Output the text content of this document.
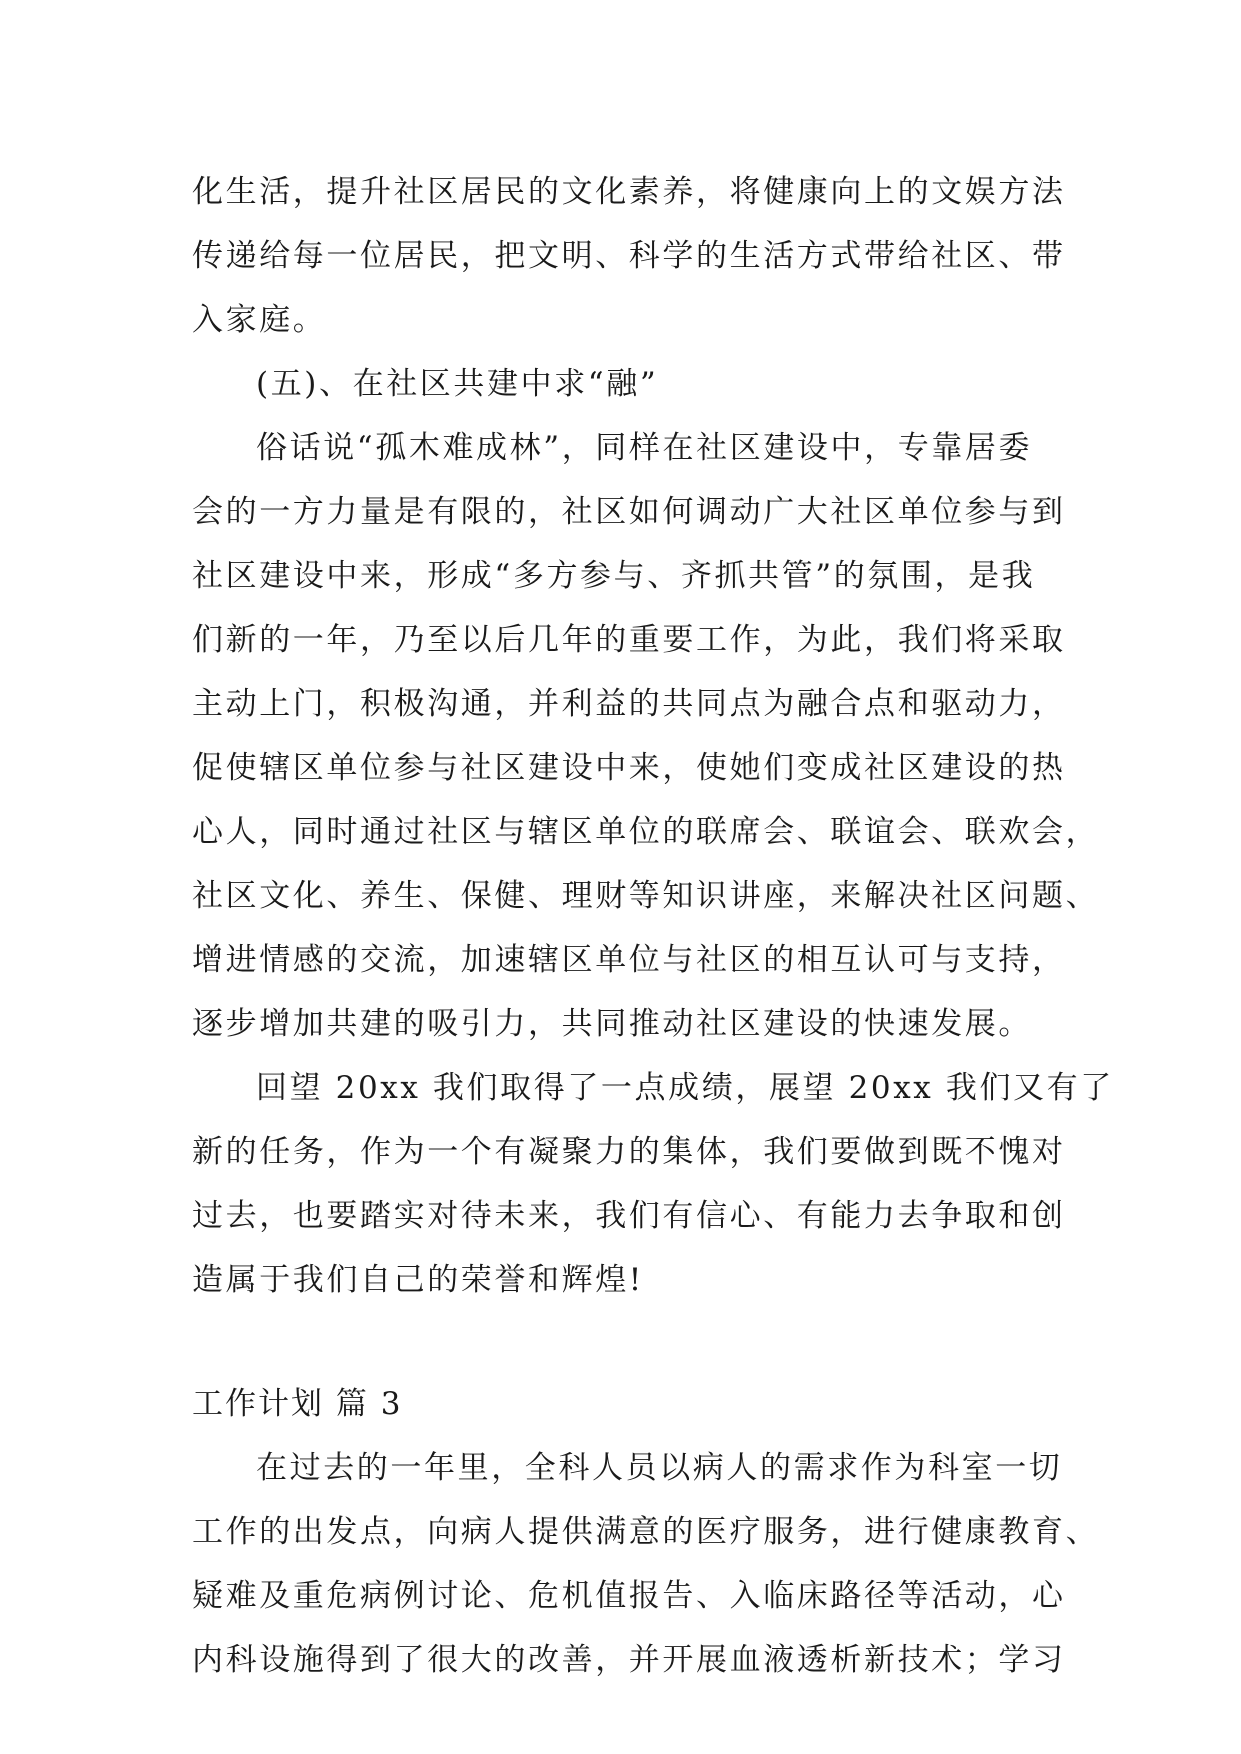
化生活，提升社区居民的文化素养，将健康向上的文娱方法
传递给每一位居民，把文明、科学的生活方式带给社区、带
入家庭。
(五)、在社区共建中求“融”
俗话说“孤木难成林”，同样在社区建设中，专靠居委
会的一方力量是有限的，社区如何调动广大社区单位参与到
社区建设中来，形成“多方参与、齐抓共管”的氛围，是我
们新的一年，乃至以后几年的重要工作，为此，我们将采取
主动上门，积极沟通，并利益的共同点为融合点和驱动力，
促使辖区单位参与社区建设中来，使她们变成社区建设的热
心人，同时通过社区与辖区单位的联席会、联谊会、联欢会，
社区文化、养生、保健、理财等知识讲座，来解决社区问题、
增进情感的交流，加速辖区单位与社区的相互认可与支持，
逐步增加共建的吸引力，共同推动社区建设的快速发展。
回望 20xx 我们取得了一点成绩，展望 20xx 我们又有了
新的任务，作为一个有凝聚力的集体，我们要做到既不愧对
过去，也要踏实对待未来，我们有信心、有能力去争取和创
造属于我们自己的荣誉和辉煌!
工作计划 篇 3
在过去的一年里，全科人员以病人的需求作为科室一切
工作的出发点，向病人提供满意的医疗服务，进行健康教育、
疑难及重危病例讨论、危机值报告、入临床路径等活动，心
内科设施得到了很大的改善，并开展血液透析新技术；学习
